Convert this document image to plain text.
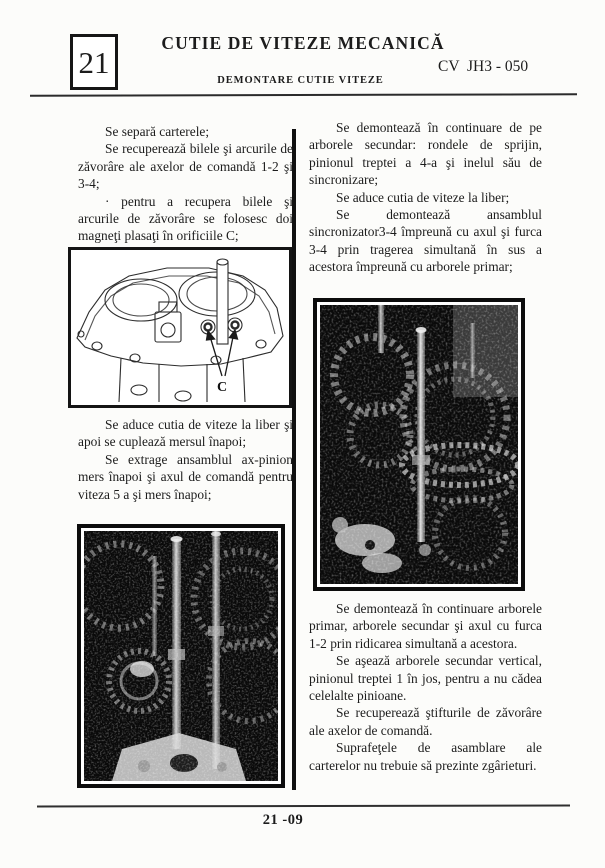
21
CUTIE DE VITEZE MECANICĂ
CV  JH3 - 050
DEMONTARE CUTIE VITEZE

Se separă carterele;

Se recuperează bilele şi arcurile de zăvorâre ale axelor de comandă 1-2 şi 3-4;

· pentru a recupera bilele şi arcurile de zăvorâre se folosesc doi magneţi plasaţi în orificiile C;

C

Se aduce cutia de viteze la liber şi apoi se cuplează mersul înapoi;

Se extrage ansamblul ax-pinion mers înapoi şi axul de comandă pentru viteza 5 a şi mers înapoi;

Se demontează în continuare de pe arborele secundar: rondele de sprijin, pinionul treptei a 4-a şi inelul său de sincronizare;

Se aduce cutia de viteze la liber;

Se demontează ansamblul sincronizator3-4 împreună cu axul şi furca 3-4 prin tragerea simultană în sus a acestora împreună cu arborele primar;

Se demontează în continuare arborele primar, arborele secundar şi axul cu furca 1-2 prin ridicarea simultană a acestora.

Se aşează arborele secundar vertical, pinionul treptei 1 în jos, pentru a nu cădea celelalte pinioane.

Se recuperează ştifturile de zăvorâre ale axelor de comandă.

Suprafeţele de asamblare ale carterelor nu trebuie să prezinte zgârieturi.

21 -09
